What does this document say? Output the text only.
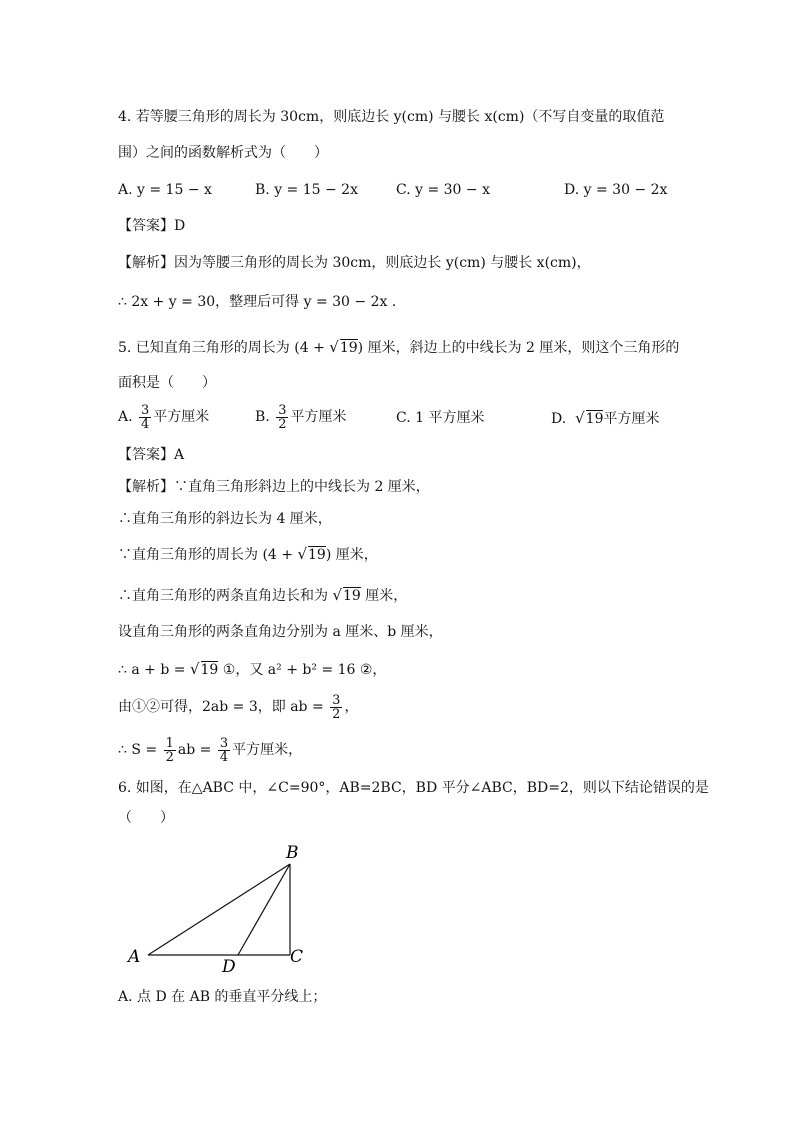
4. 若等腰三角形的周长为 30cm，则底边长 y(cm) 与腰长 x(cm)（不写自变量的取值范
围）之间的函数解析式为（　　）
A. y = 15 − x	B. y = 15 − 2x	C. y = 30 − x	D. y = 30 − 2x
【答案】D
【解析】因为等腰三角形的周长为 30cm，则底边长 y(cm) 与腰长 x(cm)，
∴ 2x + y = 30，整理后可得 y = 30 − 2x .
5. 已知直角三角形的周长为 (4 + √19) 厘米，斜边上的中线长为 2 厘米，则这个三角形的
面积是（　　）
A. $\frac{3}{4}$ 平方厘米	B. $\frac{3}{2}$ 平方厘米	C. 1 平方厘米	D. √19平方厘米
【答案】A
【解析】∵直角三角形斜边上的中线长为 2 厘米，
∴直角三角形的斜边长为 4 厘米，
∵直角三角形的周长为 (4 + √19) 厘米，
∴直角三角形的两条直角边长和为 √19 厘米，
设直角三角形的两条直角边分别为 a 厘米、b 厘米，
∴ a + b = √19 ①，又 a² + b² = 16 ②，
由①②可得，2ab = 3，即 ab = $\frac{3}{2}$ ，
∴ $S = \frac{1}{2}$ ab = $\frac{3}{4}$ 平方厘米，
6. 如图，在△ABC 中，∠C=90°，AB=2BC，BD 平分∠ABC，BD=2，则以下结论错误的是
（　　）
A
B
C
D
A. 点 D 在 AB 的垂直平分线上；
